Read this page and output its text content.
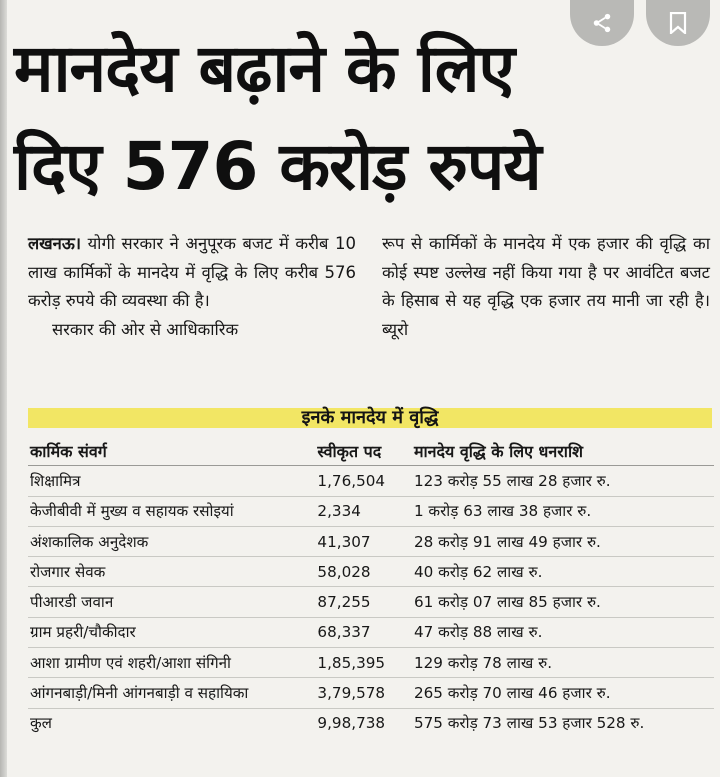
मानदेय बढ़ाने के लिए
दिए 576 करोड़ रुपये

लखनऊ। योगी सरकार ने अनुपूरक बजट में करीब 10 लाख कार्मिकों के मानदेय में वृद्धि के लिए करीब 576 करोड़ रुपये की व्यवस्था की है।

सरकार की ओर से आधिकारिक

रूप से कार्मिकों के मानदेय में एक हजार की वृद्धि का कोई स्पष्ट उल्लेख नहीं किया गया है पर आवंटित बजट के हिसाब से यह वृद्धि एक हजार तय मानी जा रही है। ब्यूरो

इनके मानदेय में वृद्धि
कार्मिक संवर्ग	स्वीकृत पद	मानदेय वृद्धि के लिए धनराशि
शिक्षामित्र	1,76,504	123 करोड़ 55 लाख 28 हजार रु.
केजीबीवी में मुख्य व सहायक रसोइयां	2,334	1 करोड़ 63 लाख 38 हजार रु.
अंशकालिक अनुदेशक	41,307	28 करोड़ 91 लाख 49 हजार रु.
रोजगार सेवक	58,028	40 करोड़ 62 लाख रु.
पीआरडी जवान	87,255	61 करोड़ 07 लाख 85 हजार रु.
ग्राम प्रहरी/चौकीदार	68,337	47 करोड़ 88 लाख रु.
आशा ग्रामीण एवं शहरी/आशा संगिनी	1,85,395	129 करोड़ 78 लाख रु.
आंगनबाड़ी/मिनी आंगनबाड़ी व सहायिका	3,79,578	265 करोड़ 70 लाख 46 हजार रु.
कुल	9,98,738	575 करोड़ 73 लाख 53 हजार 528 रु.
